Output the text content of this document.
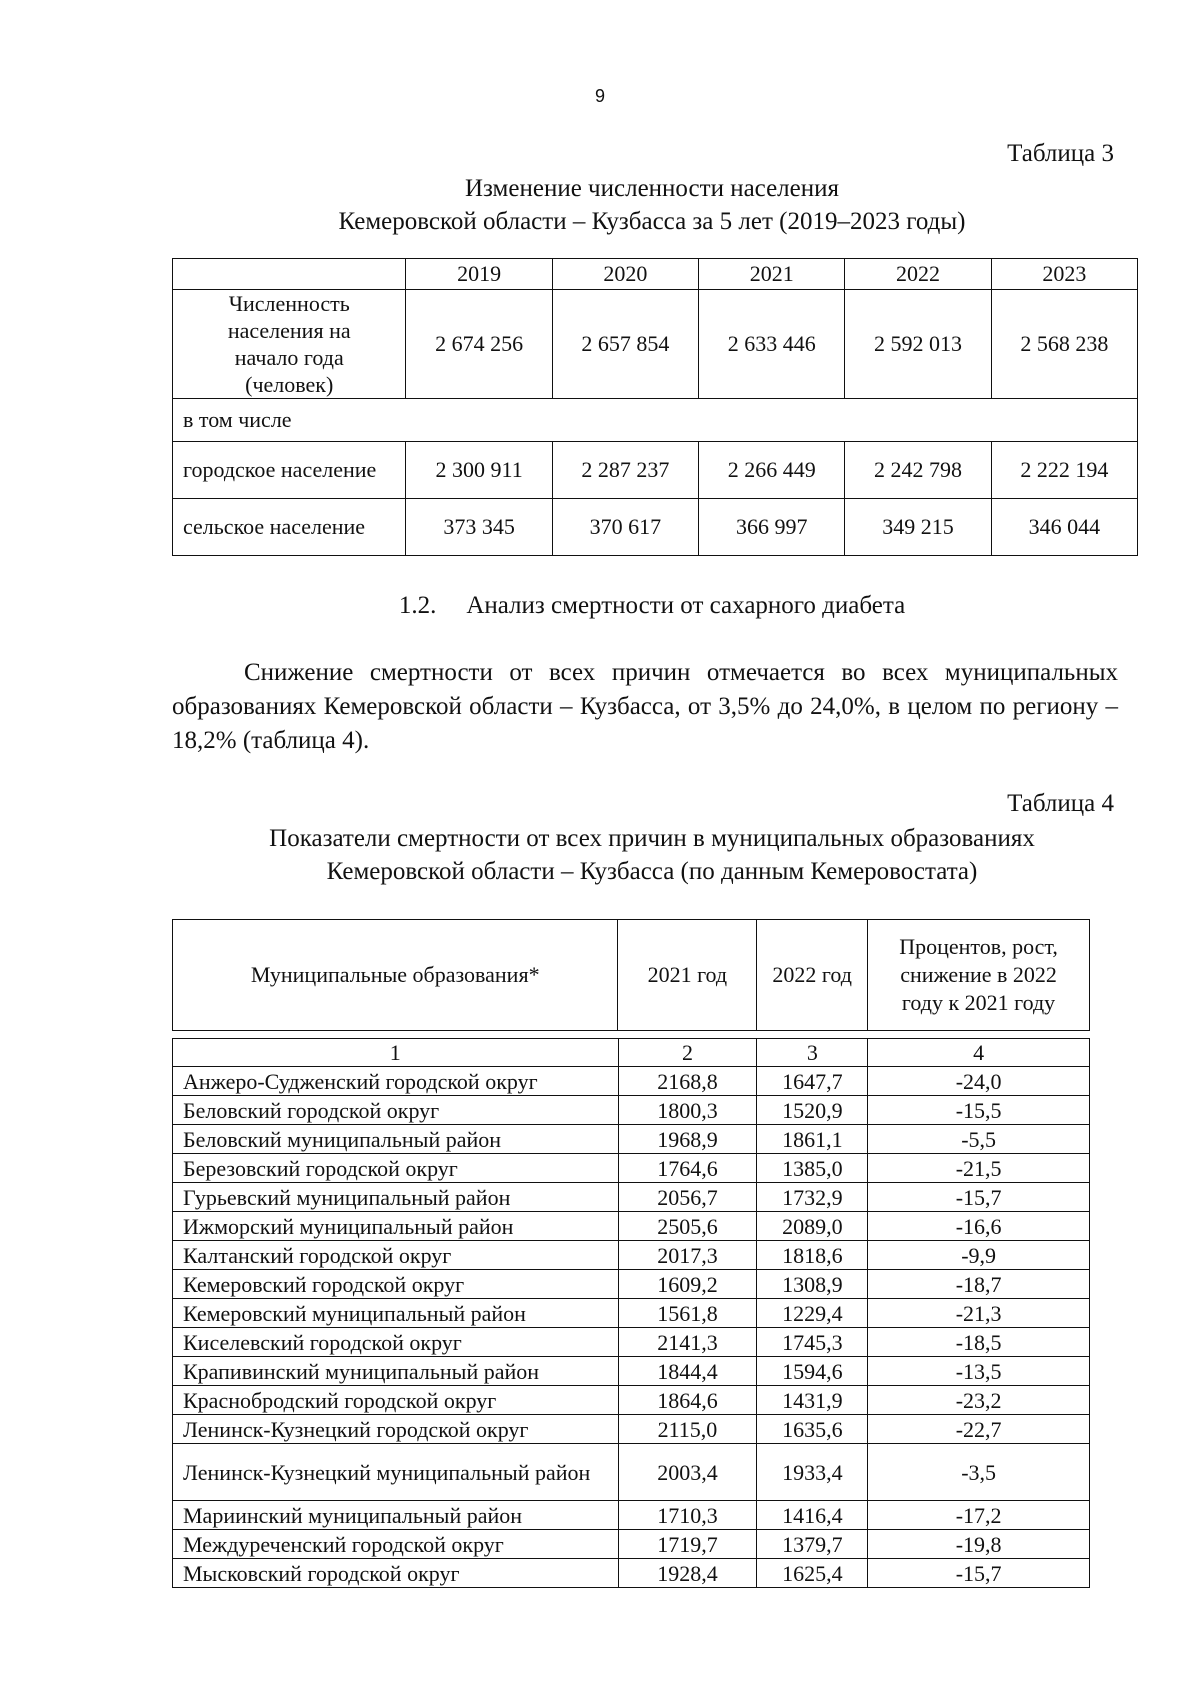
9
Таблица 3
Изменение численности населения
Кемеровской области – Кузбасса за 5 лет (2019–2023 годы)
	2019	2020	2021	2022	2023
Численность населения на начало года (человек)	2 674 256	2 657 854	2 633 446	2 592 013	2 568 238
в том числе					
городское население	2 300 911	2 287 237	2 266 449	2 242 798	2 222 194
сельское население	373 345	370 617	366 997	349 215	346 044
1.2. Анализ смертности от сахарного диабета
Снижение смертности от всех причин отмечается во всех муниципальных образованиях Кемеровской области – Кузбасса, от 3,5% до 24,0%, в целом по региону – 18,2% (таблица 4).
Таблица 4
Показатели смертности от всех причин в муниципальных образованиях
Кемеровской области – Кузбасса (по данным Кемеровостата)
Муниципальные образования*	2021 год	2022 год	Процентов, рост, снижение в 2022 году к 2021 году
1	2	3	4
Анжеро-Судженский городской округ	2168,8	1647,7	-24,0
Беловский городской округ	1800,3	1520,9	-15,5
Беловский муниципальный район	1968,9	1861,1	-5,5
Березовский городской округ	1764,6	1385,0	-21,5
Гурьевский муниципальный район	2056,7	1732,9	-15,7
Ижморский муниципальный район	2505,6	2089,0	-16,6
Калтанский городской округ	2017,3	1818,6	-9,9
Кемеровский городской округ	1609,2	1308,9	-18,7
Кемеровский муниципальный район	1561,8	1229,4	-21,3
Киселевский городской округ	2141,3	1745,3	-18,5
Крапивинский муниципальный район	1844,4	1594,6	-13,5
Краснобродский городской округ	1864,6	1431,9	-23,2
Ленинск-Кузнецкий городской округ	2115,0	1635,6	-22,7
Ленинск-Кузнецкий муниципальный район	2003,4	1933,4	-3,5
Мариинский муниципальный район	1710,3	1416,4	-17,2
Междуреченский городской округ	1719,7	1379,7	-19,8
Мысковский городской округ	1928,4	1625,4	-15,7
